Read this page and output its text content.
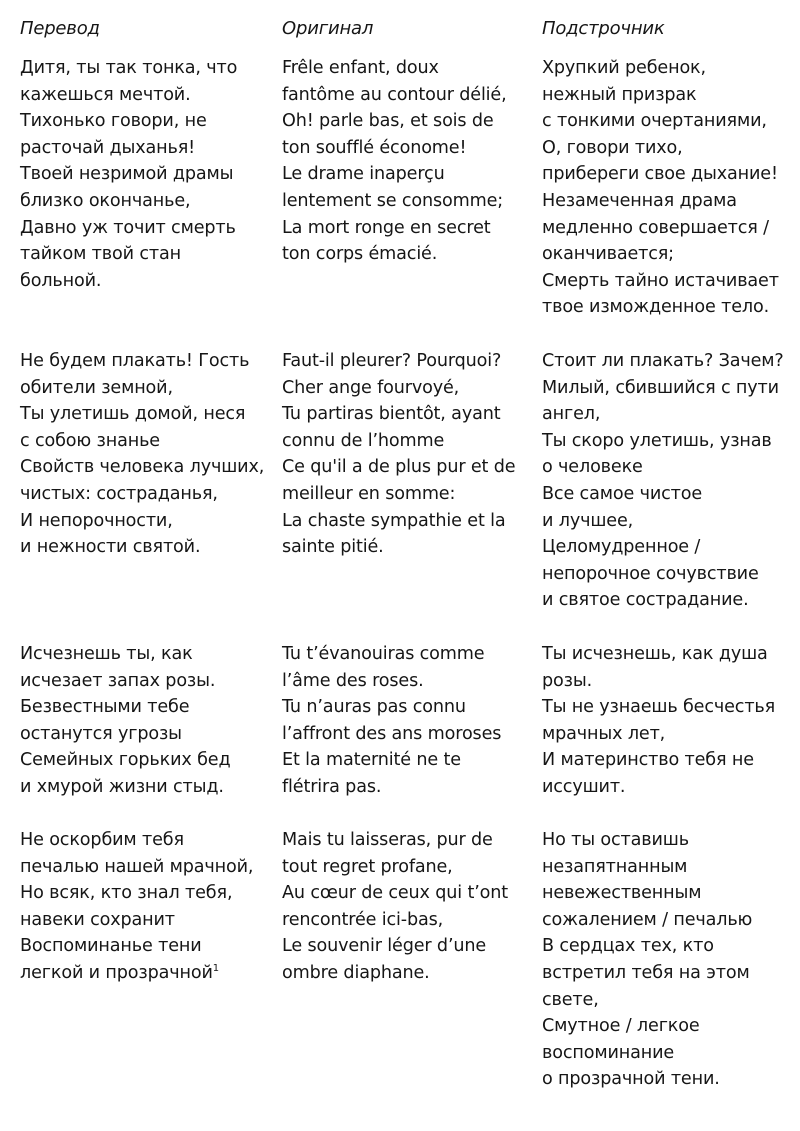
Перевод	Оригинал	Подстрочник
Дитя, ты так тонка, что
кажешься мечтой.
Тихонько говори, не
расточай дыханья!
Твоей незримой драмы
близко окончанье,
Давно уж точит смерть
тайком твой стан
больной.
Не будем плакать! Гость
обители земной,
Ты улетишь домой, неся
с собою знанье
Свойств человека лучших,
чистых: состраданья,
И непорочности,
и нежности святой.
Исчезнешь ты, как
исчезает запах розы.
Безвестными тебе
останутся угрозы
Семейных горьких бед
и хмурой жизни стыд.
Не оскорбим тебя
печалью нашей мрачной,
Но всяк, кто знал тебя,
навеки сохранит
Воспоминанье тени
легкой и прозрачной$^1$
Frêle enfant, doux
fantôme au contour délié,
Oh! parle bas, et sois de
ton soufflé économe!
Le drame inaperçu
lentement se consomme;
La mort ronge en secret
ton corps émacié.
Faut-il pleurer? Pourquoi?
Cher ange fourvoyé,
Tu partiras bientôt, ayant
connu de l’homme
Ce qu'il a de plus pur et de
meilleur en somme:
La chaste sympathie et la
sainte pitié.
Tu t’évanouiras comme
l’âme des roses.
Tu n’auras pas connu
l’affront des ans moroses
Et la maternité ne te
flétrira pas.
Mais tu laisseras, pur de
tout regret profane,
Au cœur de ceux qui t’ont
rencontrée ici-bas,
Le souvenir léger d’une
ombre diaphane.
Хрупкий ребенок,
нежный призрак
с тонкими очертаниями,
О, говори тихо,
прибереги свое дыхание!
Незамеченная драма
медленно совершается /
оканчивается;
Смерть тайно истачивает
твое изможденное тело.
Стоит ли плакать? Зачем?
Милый, сбившийся с пути
ангел,
Ты скоро улетишь, узнав
о человеке
Все самое чистое
и лучшее,
Целомудренное /
непорочное сочувствие
и святое сострадание.
Ты исчезнешь, как душа
розы.
Ты не узнаешь бесчестья
мрачных лет,
И материнство тебя не
иссушит.
Но ты оставишь
незапятнанным
невежественным
сожалением / печалью
В сердцах тех, кто
встретил тебя на этом
свете,
Смутное / легкое
воспоминание
о прозрачной тени.
